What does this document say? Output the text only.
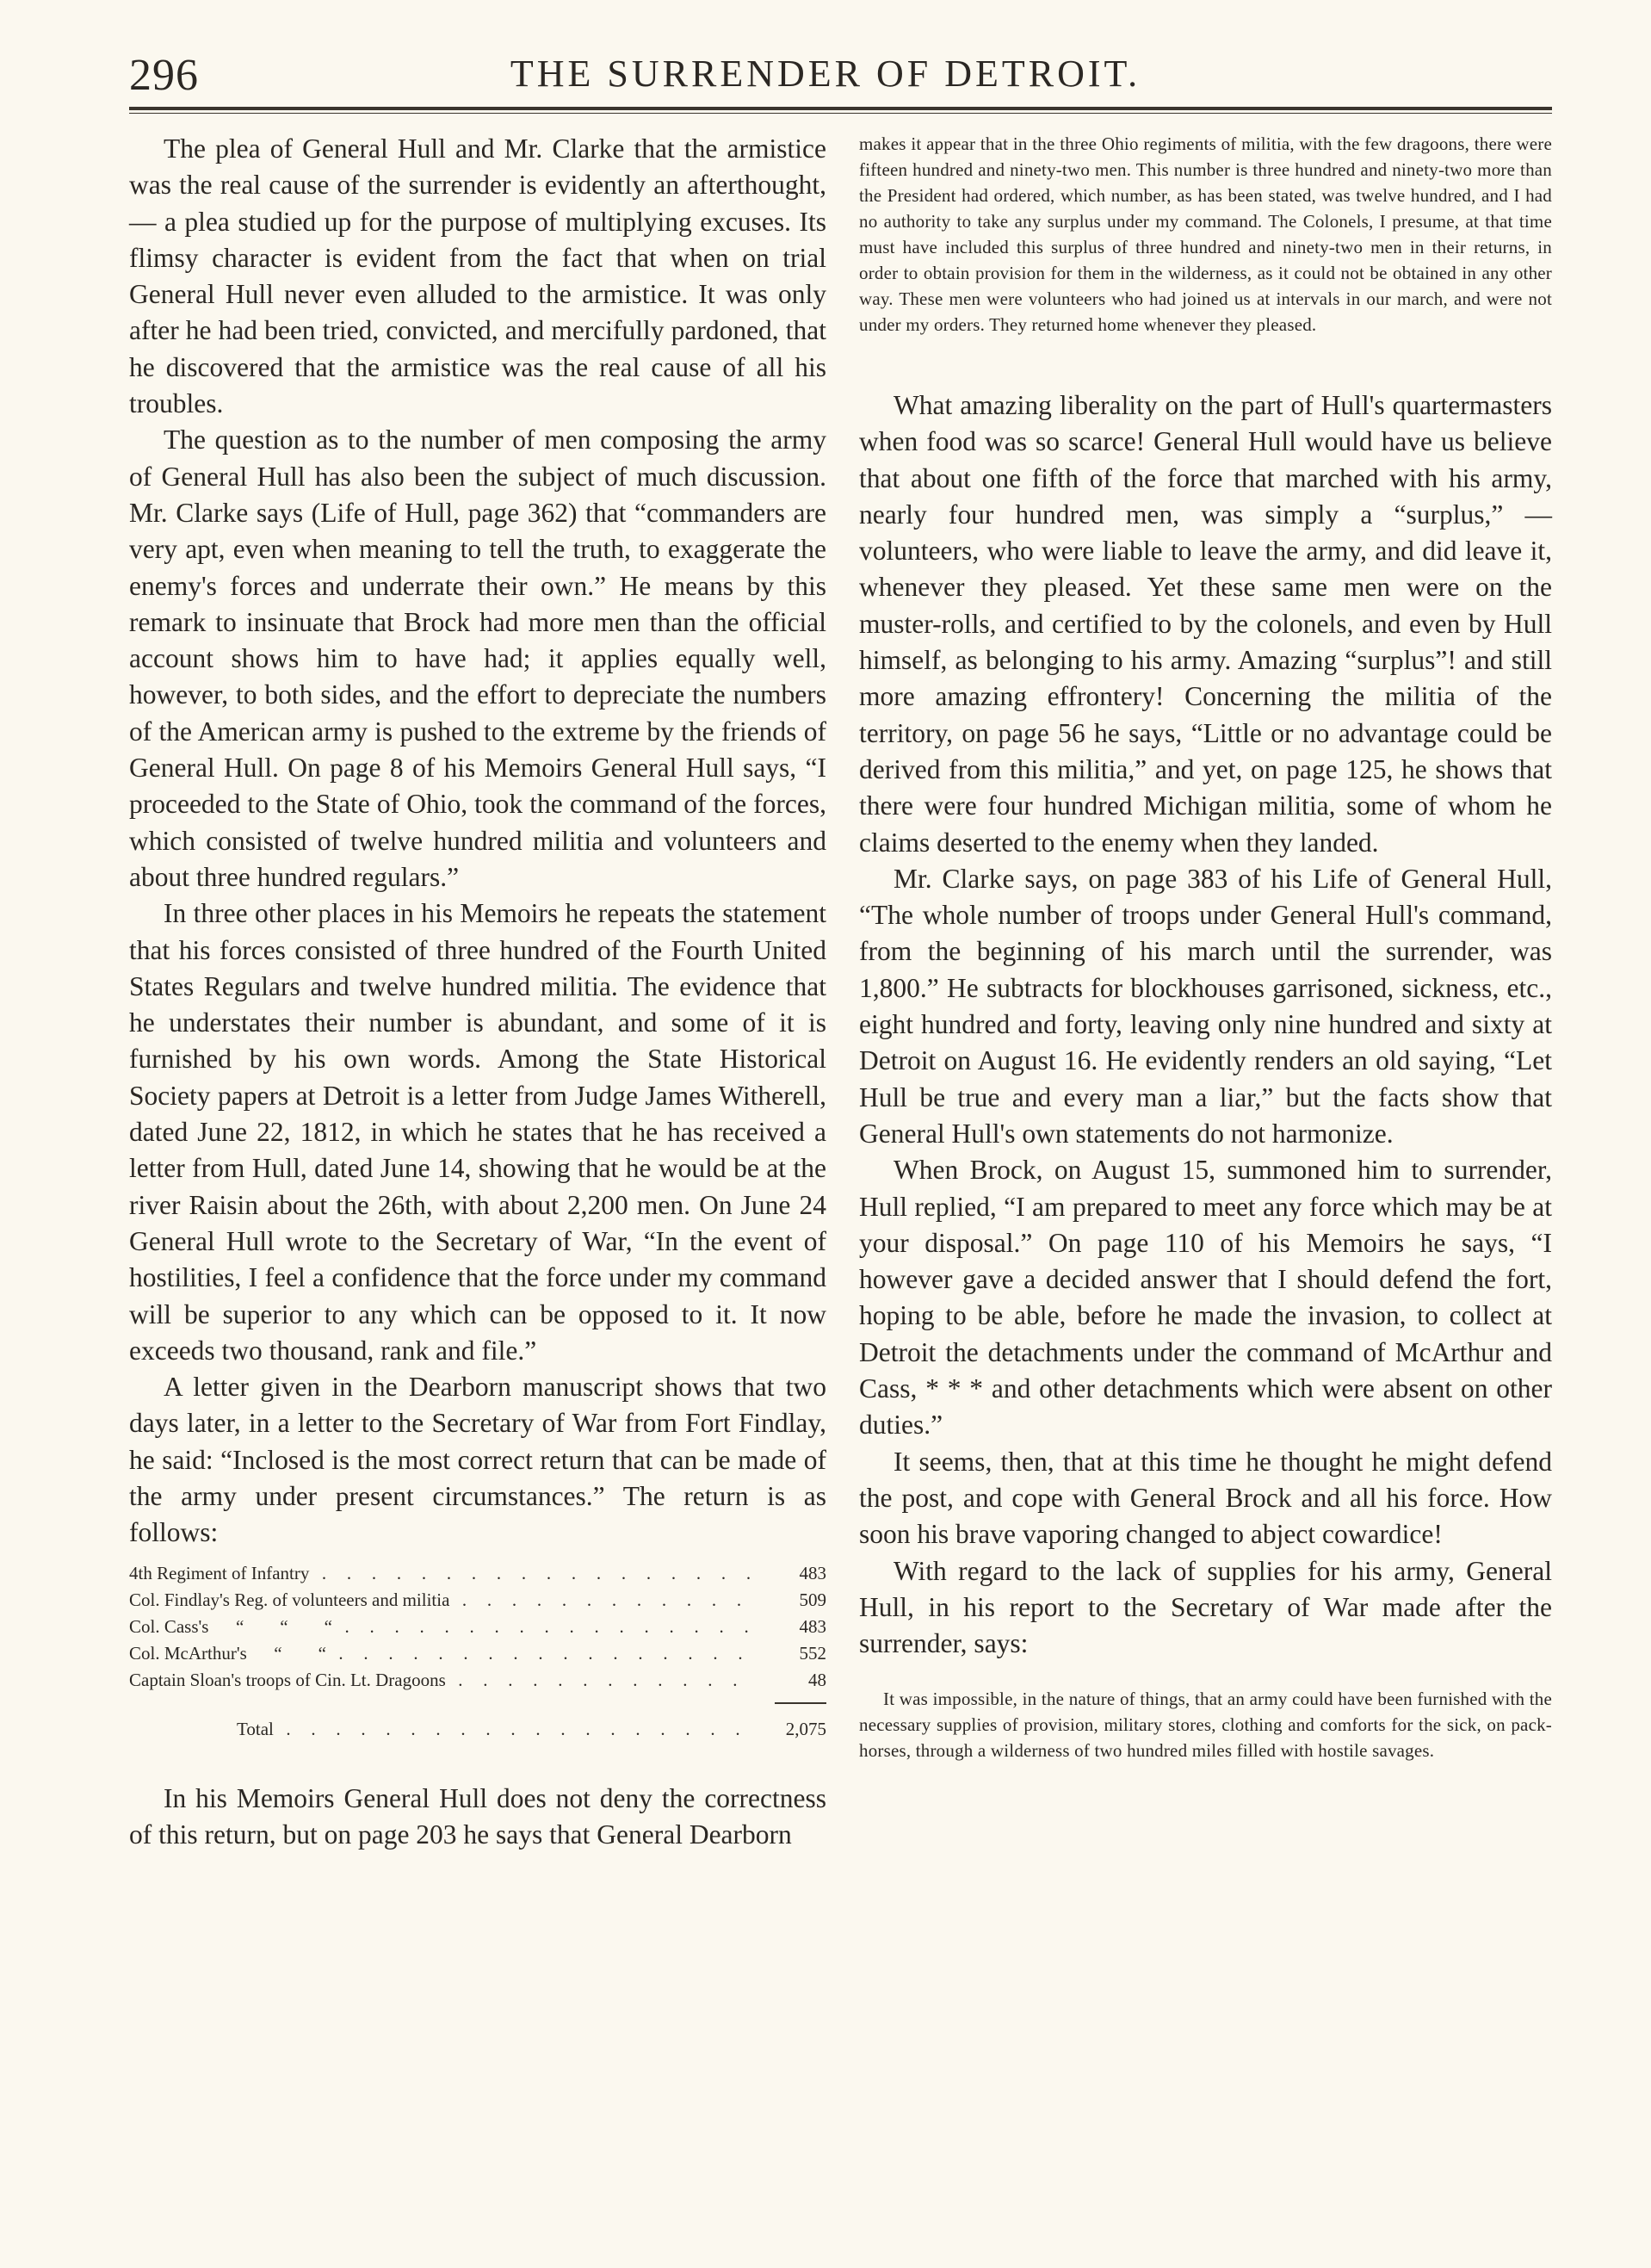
296	THE SURRENDER OF DETROIT.

The plea of General Hull and Mr. Clarke that the armistice was the real cause of the surrender is evidently an afterthought,— a plea studied up for the purpose of multiplying excuses. Its flimsy character is evident from the fact that when on trial General Hull never even alluded to the armistice. It was only after he had been tried, convicted, and mercifully pardoned, that he discovered that the armistice was the real cause of all his troubles.

The question as to the number of men composing the army of General Hull has also been the subject of much discussion. Mr. Clarke says (Life of Hull, page 362) that “commanders are very apt, even when meaning to tell the truth, to exaggerate the enemy's forces and underrate their own.” He means by this remark to insinuate that Brock had more men than the official account shows him to have had; it applies equally well, however, to both sides, and the effort to depreciate the numbers of the American army is pushed to the extreme by the friends of General Hull. On page 8 of his Memoirs General Hull says, “I proceeded to the State of Ohio, took the command of the forces, which consisted of twelve hundred militia and volunteers and about three hundred regulars.”

In three other places in his Memoirs he repeats the statement that his forces consisted of three hundred of the Fourth United States Regulars and twelve hundred militia. The evidence that he understates their number is abundant, and some of it is furnished by his own words. Among the State Historical Society papers at Detroit is a letter from Judge James Witherell, dated June 22, 1812, in which he states that he has received a letter from Hull, dated June 14, showing that he would be at the river Raisin about the 26th, with about 2,200 men. On June 24 General Hull wrote to the Secretary of War, “In the event of hostilities, I feel a confidence that the force under my command will be superior to any which can be opposed to it. It now exceeds two thousand, rank and file.”

A letter given in the Dearborn manuscript shows that two days later, in a letter to the Secretary of War from Fort Findlay, he said: “Inclosed is the most correct return that can be made of the army under present circumstances.” The return is as follows:

4th Regiment of Infantry . .	483
Col. Findlay's Reg. of volunteers and militia . .	509
Col. Cass's      “        “        “ .   .	483
Col. McArthur's      “        “ .   .	552
Captain Sloan's troops of Cin. Lt. Dragoons . .	48
Total . .	2,075

In his Memoirs General Hull does not deny the correctness of this return, but on page 203 he says that General Dearborn

makes it appear that in the three Ohio regiments of militia, with the few dragoons, there were fifteen hundred and ninety-two men. This number is three hundred and ninety-two more than the President had ordered, which number, as has been stated, was twelve hundred, and I had no authority to take any surplus under my command. The Colonels, I presume, at that time must have included this surplus of three hundred and ninety-two men in their returns, in order to obtain provision for them in the wilderness, as it could not be obtained in any other way. These men were volunteers who had joined us at intervals in our march, and were not under my orders. They returned home whenever they pleased.

What amazing liberality on the part of Hull's quartermasters when food was so scarce! General Hull would have us believe that about one fifth of the force that marched with his army, nearly four hundred men, was simply a “surplus,” — volunteers, who were liable to leave the army, and did leave it, whenever they pleased. Yet these same men were on the muster-rolls, and certified to by the colonels, and even by Hull himself, as belonging to his army. Amazing “surplus”! and still more amazing effrontery! Concerning the militia of the territory, on page 56 he says, “Little or no advantage could be derived from this militia,” and yet, on page 125, he shows that there were four hundred Michigan militia, some of whom he claims deserted to the enemy when they landed.

Mr. Clarke says, on page 383 of his Life of General Hull, “The whole number of troops under General Hull's command, from the beginning of his march until the surrender, was 1,800.” He subtracts for blockhouses garrisoned, sickness, etc., eight hundred and forty, leaving only nine hundred and sixty at Detroit on August 16. He evidently renders an old saying, “Let Hull be true and every man a liar,” but the facts show that General Hull's own statements do not harmonize.

When Brock, on August 15, summoned him to surrender, Hull replied, “I am prepared to meet any force which may be at your disposal.” On page 110 of his Memoirs he says, “I however gave a decided answer that I should defend the fort, hoping to be able, before he made the invasion, to collect at Detroit the detachments under the command of McArthur and Cass, * * * and other detachments which were absent on other duties.”

It seems, then, that at this time he thought he might defend the post, and cope with General Brock and all his force. How soon his brave vaporing changed to abject cowardice!

With regard to the lack of supplies for his army, General Hull, in his report to the Secretary of War made after the surrender, says:

It was impossible, in the nature of things, that an army could have been furnished with the necessary supplies of provision, military stores, clothing and comforts for the sick, on pack-horses, through a wilderness of two hundred miles filled with hostile savages.
